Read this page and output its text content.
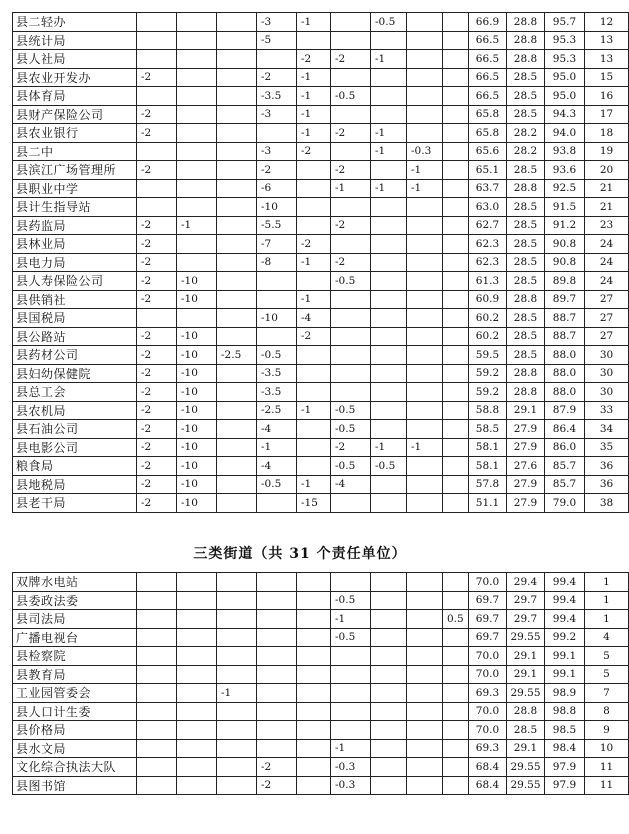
县二轻办				-3	-1		-0.5			66.9	28.8	95.7	12
县统计局				-5						66.5	28.8	95.3	13
县人社局					-2	-2	-1			66.5	28.8	95.3	13
县农业开发办	-2			-2	-1					66.5	28.5	95.0	15
县体育局				-3.5	-1	-0.5				66.5	28.5	95.0	16
县财产保险公司	-2			-3	-1					65.8	28.5	94.3	17
县农业银行	-2				-1	-2	-1			65.8	28.2	94.0	18
县二中				-3	-2		-1	-0.3		65.6	28.2	93.8	19
县滨江广场管理所	-2			-2		-2		-1		65.1	28.5	93.6	20
县职业中学				-6		-1	-1	-1		63.7	28.8	92.5	21
县计生指导站				-10						63.0	28.5	91.5	21
县药监局	-2	-1		-5.5		-2				62.7	28.5	91.2	23
县林业局	-2			-7	-2					62.3	28.5	90.8	24
县电力局	-2			-8	-1	-2				62.3	28.5	90.8	24
县人寿保险公司	-2	-10				-0.5				61.3	28.5	89.8	24
县供销社	-2	-10			-1					60.9	28.8	89.7	27
县国税局				-10	-4					60.2	28.5	88.7	27
县公路站	-2	-10			-2					60.2	28.5	88.7	27
县药材公司	-2	-10	-2.5	-0.5						59.5	28.5	88.0	30
县妇幼保健院	-2	-10		-3.5						59.2	28.8	88.0	30
县总工会	-2	-10		-3.5						59.2	28.8	88.0	30
县农机局	-2	-10		-2.5	-1	-0.5				58.8	29.1	87.9	33
县石油公司	-2	-10		-4		-0.5				58.5	27.9	86.4	34
县电影公司	-2	-10		-1		-2	-1	-1		58.1	27.9	86.0	35
粮食局	-2	-10		-4		-0.5	-0.5			58.1	27.6	85.7	36
县地税局	-2	-10		-0.5	-1	-4				57.8	27.9	85.7	36
县老干局	-2	-10			-15					51.1	27.9	79.0	38
三类街道（共 31 个责任单位）
双牌水电站										70.0	29.4	99.4	1
县委政法委						-0.5				69.7	29.7	99.4	1
县司法局						-1			0.5	69.7	29.7	99.4	1
广播电视台						-0.5				69.7	29.55	99.2	4
县检察院										70.0	29.1	99.1	5
县教育局										70.0	29.1	99.1	5
工业园管委会			-1							69.3	29.55	98.9	7
县人口计生委										70.0	28.8	98.8	8
县价格局										70.0	28.5	98.5	9
县水文局						-1				69.3	29.1	98.4	10
文化综合执法大队				-2		-0.3				68.4	29.55	97.9	11
县图书馆				-2		-0.3				68.4	29.55	97.9	11
